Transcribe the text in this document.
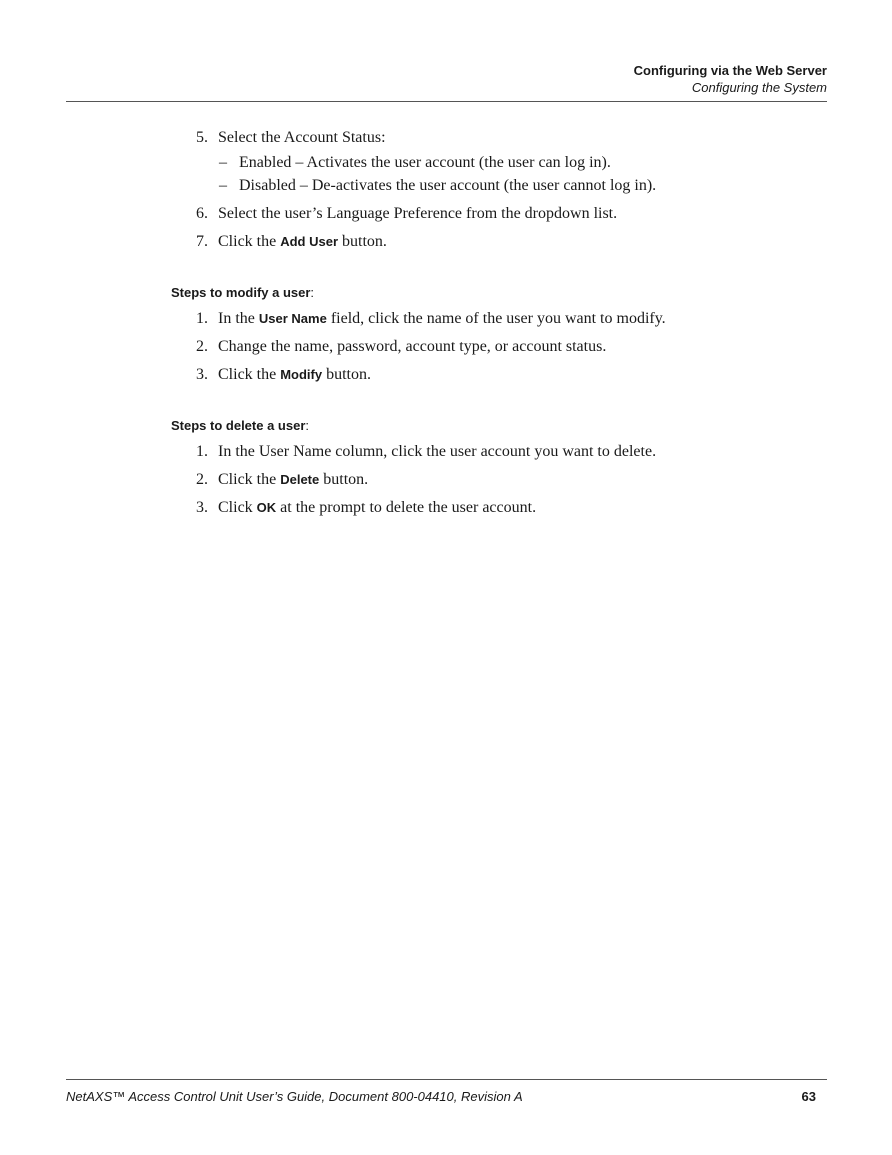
Configuring via the Web Server
Configuring the System
5. Select the Account Status:
– Enabled – Activates the user account (the user can log in).
– Disabled – De-activates the user account (the user cannot log in).
6. Select the user’s Language Preference from the dropdown list.
7. Click the Add User button.
Steps to modify a user:
1. In the User Name field, click the name of the user you want to modify.
2. Change the name, password, account type, or account status.
3. Click the Modify button.
Steps to delete a user:
1. In the User Name column, click the user account you want to delete.
2. Click the Delete button.
3. Click OK at the prompt to delete the user account.
NetAXS™ Access Control Unit User’s Guide, Document 800-04410, Revision A	63
